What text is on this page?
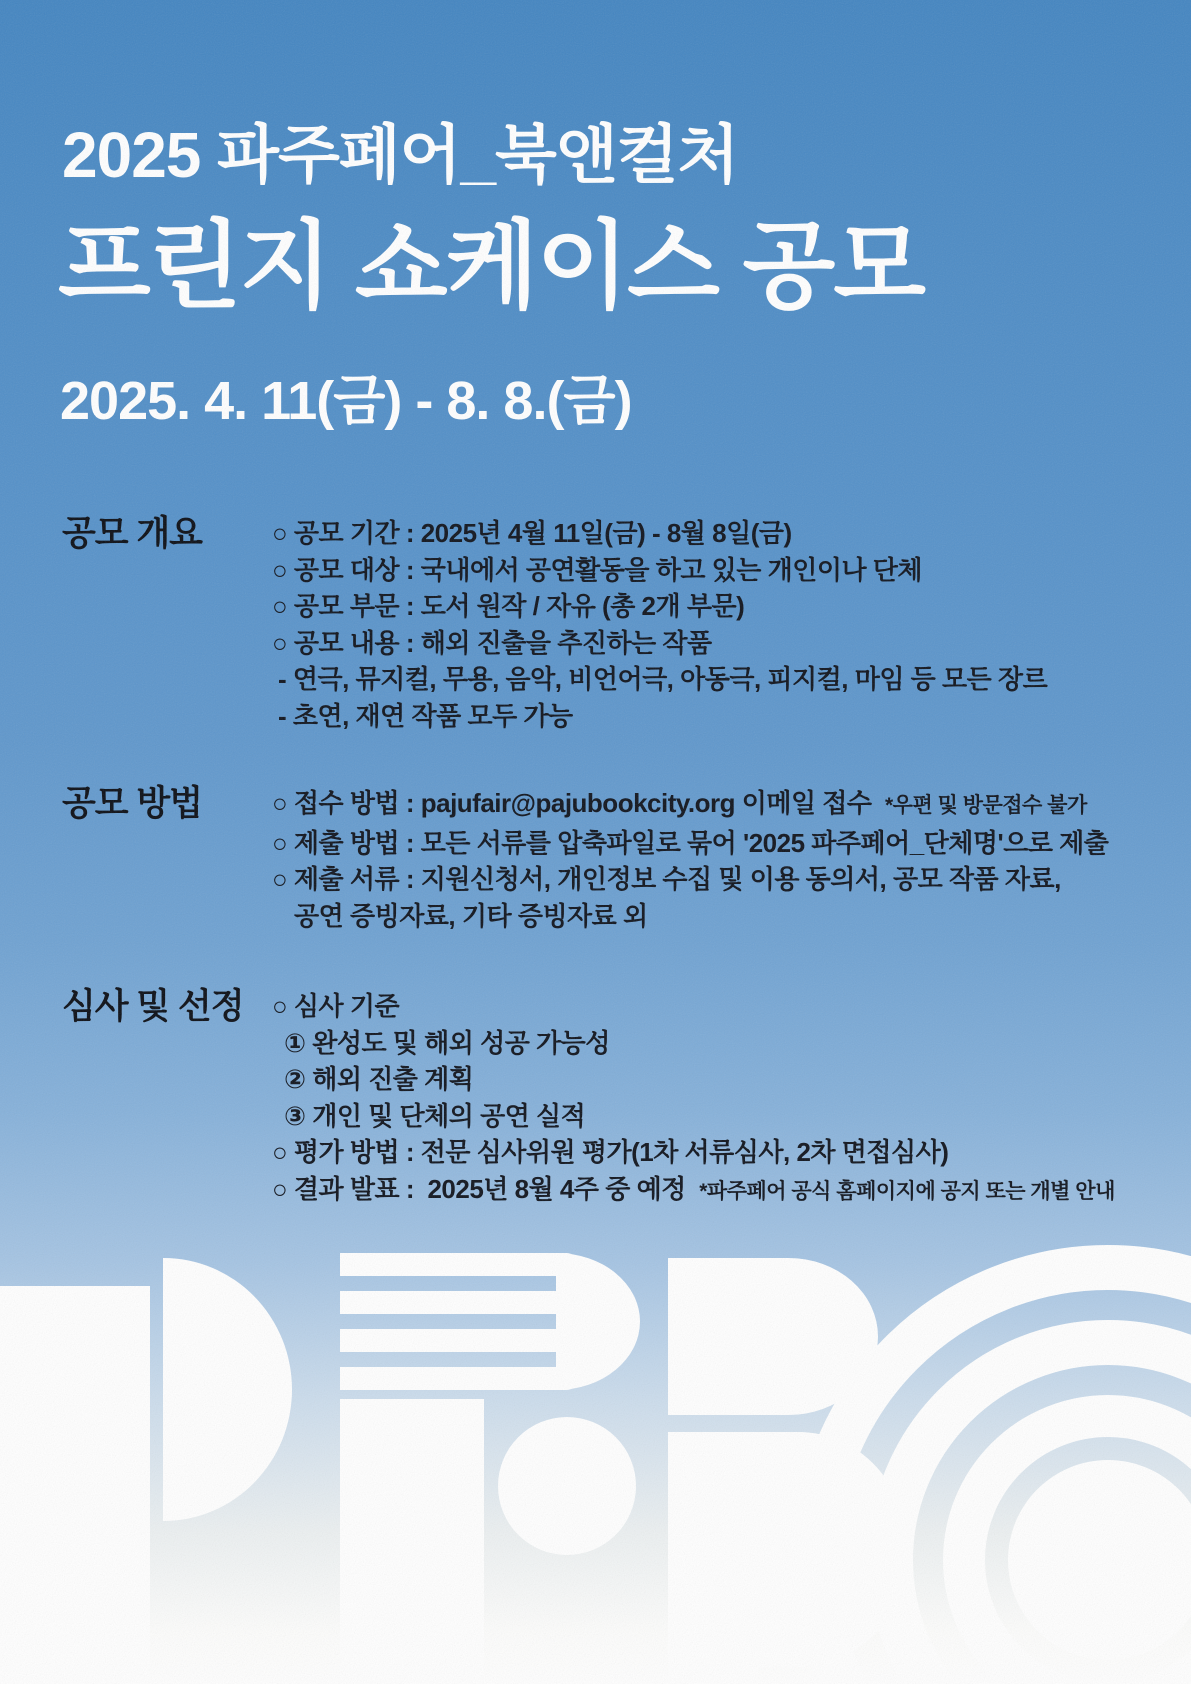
2025 파주페어_북앤컬처
프린지 쇼케이스 공모
2025. 4. 11(금) - 8. 8.(금)
공모 개요	○ 공모 기간 : 2025년 4월 11일(금) - 8월 8일(금)

○ 공모 대상 : 국내에서 공연활동을 하고 있는 개인이나 단체

○ 공모 부문 : 도서 원작 / 자유 (총 2개 부문)

○ 공모 내용 : 해외 진출을 추진하는 작품

- 연극, 뮤지컬, 무용, 음악, 비언어극, 아동극, 피지컬, 마임 등 모든 장르

- 초연, 재연 작품 모두 가능

공모 방법	○ 접수 방법 : pajufair@pajubookcity.org 이메일 접수  *우편 및 방문접수 불가

○ 제출 방법 : 모든 서류를 압축파일로 묶어 '2025 파주페어_단체명'으로 제출

○ 제출 서류 : 지원신청서, 개인정보 수집 및 이용 동의서, 공모 작품 자료,

공연 증빙자료, 기타 증빙자료 외

심사 및 선정	○ 심사 기준

① 완성도 및 해외 성공 가능성

② 해외 진출 계획

③ 개인 및 단체의 공연 실적

○ 평가 방법 : 전문 심사위원 평가(1차 서류심사, 2차 면접심사)

○ 결과 발표 :  2025년 8월 4주 중 예정  *파주페어 공식 홈페이지에 공지 또는 개별 안내
